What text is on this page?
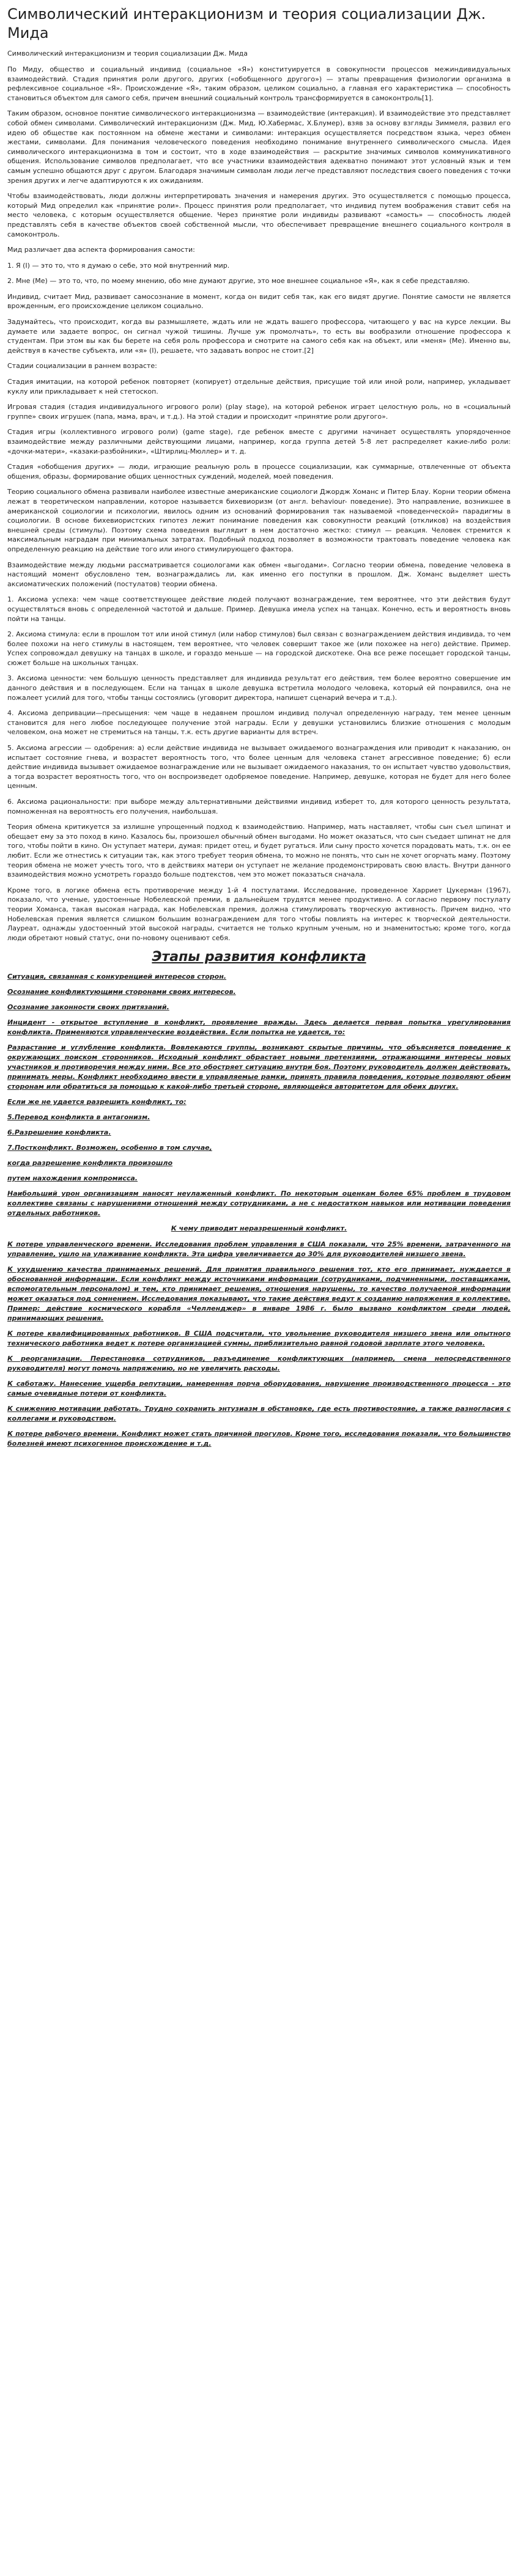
Символический интеракционизм и теория социализации Дж. Мида
Символический интеракционизм и теория социализации Дж. Мида

По Миду, общество и социальный индивид (социальное «Я») конституируется в совокупности процессов межиндивидуальных взаимодействий. Стадия принятия роли другого, других («обобщенного другого») — этапы превращения физиологии организма в рефлексивное социальное «Я». Происхождение «Я», таким образом, целиком социально, а главная его характеристика — способность становиться объектом для самого себя, причем внешний социальный контроль трансформируется в самоконтроль[1].

Таким образом, основное понятие символического интеракционизма — взаимодействие (интеракция). И взаимодействие это представляет собой обмен символами. Символический интеракционизм (Дж. Мид, Ю.Хабермас, Х.Блумер), взяв за основу взгляды Зиммеля, развил его идею об обществе как постоянном на обмене жестами и символами: интеракция осуществляется посредством языка, через обмен жестами, символами. Для понимания человеческого поведения необходимо понимание внутреннего символического смысла. Идея символического интеракционизма в том и состоит, что в ходе взаимодействия — раскрытие значимых символов коммуникативного общения. Использование символов предполагает, что все участники взаимодействия адекватно понимают этот условный язык и тем самым успешно общаются друг с другом. Благодаря значимым символам люди легче представляют последствия своего поведения с точки зрения других и легче адаптируются к их ожиданиям.

Чтобы взаимодействовать, люди должны интерпретировать значения и намерения других. Это осуществляется с помощью процесса, который Мид определил как «принятие роли». Процесс принятия роли предполагает, что индивид путем воображения ставит себя на место человека, с которым осуществляется общение. Через принятие роли индивиды развивают «самость» — способность людей представлять себя в качестве объектов своей собственной мысли, что обеспечивает превращение внешнего социального контроля в самоконтроль.

Мид различает два аспекта формирования самости:

1. Я (I) — это то, что я думаю о себе, это мой внутренний мир.

2. Мне (Me) — это то, что, по моему мнению, обо мне думают другие, это мое внешнее социальное «Я», как я себе представляю.

Индивид, считает Мид, развивает самосознание в момент, когда он видит себя так, как его видят другие. Понятие самости не является врожденным, его происхождение целиком социально.

Задумайтесь, что происходит, когда вы размышляете, ждать или не ждать вашего профессора, читающего у вас на курсе лекции. Вы думаете или задаете вопрос, он сигнал чужой тишины. Лучше уж промолчать», то есть вы вообразили отношение профессора к студентам. При этом вы как бы берете на себя роль профессора и смотрите на самого себя как на объект, или «меня» (Me). Именно вы, действуя в качестве субъекта, или «я» (I), решаете, что задавать вопрос не стоит.[2]

Стадии социализации в раннем возрасте:

Стадия имитации, на которой ребенок повторяет (копирует) отдельные действия, присущие той или иной роли, например, укладывает куклу или прикладывает к ней стетоскоп.

Игровая стадия (стадия индивидуального игрового роли) (play stage), на которой ребенок играет целостную роль, но в «социальный группе» своих игрушек (папа, мама, врач, и т.д.). На этой стадии и происходит «принятие роли другого».

Стадия игры (коллективного игрового роли) (game stage), где ребенок вместе с другими начинает осуществлять упорядоченное взаимодействие между различными действующими лицами, например, когда группа детей 5-8 лет распределяет какие-либо роли: «дочки-матери», «казаки-разбойники», «Штирлиц-Мюллер» и т. д.

Стадия «обобщения других» — люди, играющие реальную роль в процессе социализации, как суммарные, отвлеченные от объекта общения, образы, формирование общих ценностных суждений, моделей, моей поведения.

Теорию социального обмена развивали наиболее известные американские социологи Джордж Хоманс и Питер Блау. Корни теории обмена лежат в теоретическом направлении, которое называется бихевиоризм (от англ. behaviour- поведение). Это направление, возникшее в американской социологии и психологии, явилось одним из оснований формирования так называемой «поведенческой» парадигмы в социологии. В основе бихевиористских гипотез лежит понимание поведения как совокупности реакций (откликов) на воздействия внешней среды (стимулы). Поэтому схема поведения выглядит в нем достаточно жестко: стимул — реакция. Человек стремится к максимальным наградам при минимальных затратах. Подобный подход позволяет в возможности трактовать поведение человека как определенную реакцию на действие того или иного стимулирующего фактора.

Взаимодействие между людьми рассматривается социологами как обмен «выгодами». Согласно теории обмена, поведение человека в настоящий момент обусловлено тем, вознаграждались ли, как именно его поступки в прошлом. Дж. Хоманс выделяет шесть аксиоматических положений (постулатов) теории обмена.

1. Аксиома успеха: чем чаще соответствующее действие людей получают вознаграждение, тем вероятнее, что эти действия будут осуществляться вновь с определенной частотой и дальше. Пример. Девушка имела успех на танцах. Конечно, есть и вероятность вновь пойти на танцы.

2. Аксиома стимула: если в прошлом тот или иной стимул (или набор стимулов) был связан с вознаграждением действия индивида, то чем более похожи на него стимулы в настоящем, тем вероятнее, что человек совершит такое же (или похожее на него) действие. Пример. Успех сопровождал девушку на танцах в школе, и гораздо меньше — на городской дискотеке. Она все реже посещает городской танцы, сюжет больше на школьных танцах.

3. Аксиома ценности: чем большую ценность представляет для индивида результат его действия, тем более вероятно совершение им данного действия и в последующем. Если на танцах в школе девушка встретила молодого человека, который ей понравился, она не пожалеет усилий для того, чтобы танцы состоялись (уговорит директора, напишет сценарий вечера и т.д.).

4. Аксиома депривации—пресыщения: чем чаще в недавнем прошлом индивид получал определенную награду, тем менее ценным становится для него любое последующее получение этой награды. Если у девушки установились близкие отношения с молодым человеком, она может не стремиться на танцы, т.к. есть другие варианты для встреч.

5. Аксиома агрессии — одобрения: а) если действие индивида не вызывает ожидаемого вознаграждения или приводит к наказанию, он испытает состояние гнева, и возрастет вероятность того, что более ценным для человека станет агрессивное поведение; б) если действие индивида вызывает ожидаемое вознаграждение или не вызывает ожидаемого наказания, то он испытает чувство удовольствия, а тогда возрастет вероятность того, что он воспроизведет одобряемое поведение. Например, девушке, которая не будет для него более ценным.

6. Аксиома рациональности: при выборе между альтернативными действиями индивид изберет то, для которого ценность результата, помноженная на вероятность его получения, наибольшая.

Теория обмена критикуется за излишне упрощенный подход к взаимодействию. Например, мать наставляет, чтобы сын съел шпинат и обещает ему за это поход в кино. Казалось бы, произошел обычный обмен выгодами. Но может оказаться, что сын съедает шпинат не для того, чтобы пойти в кино. Он уступает матери, думая: придет отец, и будет ругаться. Или сыну просто хочется порадовать мать, т.к. он ее любит. Если же отнестись к ситуации так, как этого требует теория обмена, то можно не понять, что сын не хочет огорчать маму. Поэтому теория обмена не может учесть того, что в действиях матери он уступает не желание продемонстрировать свою власть. Внутри данного взаимодействия можно усмотреть гораздо больше подтекстов, чем это может показаться сначала.

Кроме того, в логике обмена есть противоречие между 1-й 4 постулатами. Исследование, проведенное Харриет Цукерман (1967), показало, что ученые, удостоенные Нобелевской премии, в дальнейшем трудятся менее продуктивно. А согласно первому постулату теории Хоманса, такая высокая награда, как Нобелевская премия, должна стимулировать творческую активность. Причем видно, что Нобелевская премия является слишком большим вознаграждением для того чтобы повлиять на интерес к творческой деятельности. Лауреат, однажды удостоенный этой высокой награды, считается не только крупным ученым, но и знаменитостью; кроме того, когда люди обретают новый статус, они по-новому оценивают себя.

Этапы развития конфликта

Ситуация, связанная с конкуренцией интересов сторон.

Осознание конфликтующими сторонами своих интересов.

Осознание законности своих притязаний.

Инцидент - открытое вступление в конфликт, проявление вражды. Здесь делается первая попытка урегулирования конфликта. Применяются управленческие воздействия. Если попытка не удается, то:

Разрастание и углубление конфликта. Вовлекаются группы, возникают скрытые причины, что объясняется поведение к окружающих поиском сторонников. Исходный конфликт обрастает новыми претензиями, отражающими интересы новых участников и противоречия между ними. Все это обостряет ситуацию внутри боя. Поэтому руководитель должен действовать, принимать меры. Конфликт необходимо ввести в управляемые рамки, принять правила поведения, которые позволяют обеим сторонам или обратиться за помощью к какой-либо третьей стороне, являющейся авторитетом для обеих других.

Если же не удается разрешить конфликт, то:

5.Перевод конфликта в антагонизм.

6.Разрешение конфликта.

7.Постконфликт. Возможен, особенно в том случае,

когда разрешение конфликта произошло

путем нахождения компромисса.

Наибольший урон организациям наносят неулаженный конфликт. По некоторым оценкам более 65% проблем в трудовом коллективе связаны с нарушениями отношений между сотрудниками, а не с недостатком навыков или мотивации поведения отдельных работников.

К чему приводит неразрешенный конфликт.

К потере управленческого времени. Исследования проблем управления в США показали, что 25% времени, затраченного на управление, ушло на улаживание конфликта. Эта цифра увеличивается до 30% для руководителей низшего звена.

К ухудшению качества принимаемых решений. Для принятия правильного решения тот, кто его принимает, нуждается в обоснованной информации. Если конфликт между источниками информации (сотрудниками, подчиненными, поставщиками, вспомогательным персоналом) и тем, кто принимает решения, отношения нарушены, то качество получаемой информации может оказаться под сомнением. Исследования показывают, что такие действия ведут к созданию напряжения в коллективе. Пример: действие космического корабля «Челленджер» в январе 1986 г. было вызвано конфликтом среди людей, принимающих решения.

К потере квалифицированных работников. В США подсчитали, что увольнение руководителя низшего звена или опытного технического работника ведет к потере организацией суммы, приблизительно равной годовой зарплате этого человека.

К реорганизации. Перестановка сотрудников, разъединение конфликтующих (например, смена непосредственного руководителя) могут помочь напряжению, но не увеличить расходы.

К саботажу. Нанесение ущерба репутации, намеренная порча оборудования, нарушение производственного процесса - это самые очевидные потери от конфликта.

К снижению мотивации работать. Трудно сохранить энтузиазм в обстановке, где есть противостояние, а также разногласия с коллегами и руководством.

К потере рабочего времени. Конфликт может стать причиной прогулов. Кроме того, исследования показали, что большинство болезней имеют психогенное происхождение и т.д.
